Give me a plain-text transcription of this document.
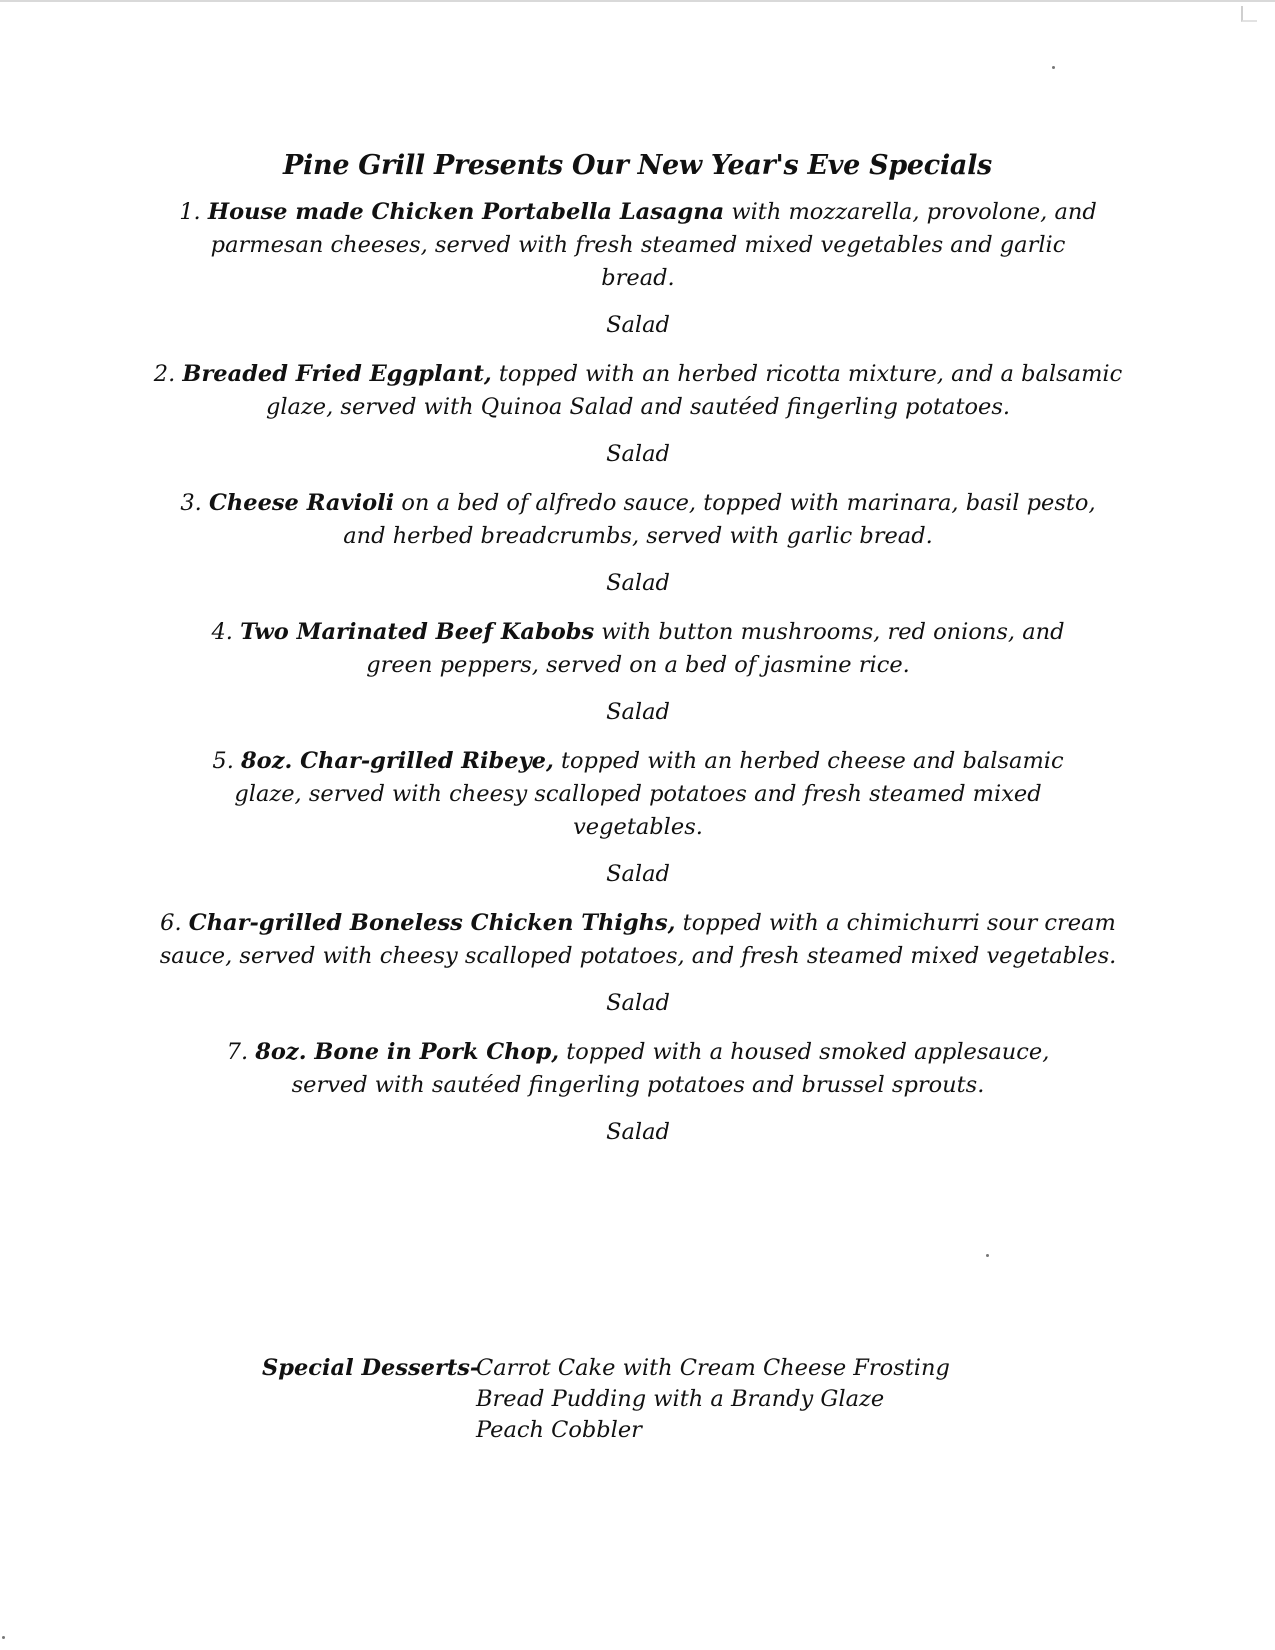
Pine Grill Presents Our New Year's Eve Specials
1. House made Chicken Portabella Lasagna with mozzarella, provolone, and parmesan cheeses, served with fresh steamed mixed vegetables and garlic bread.
Salad
2. Breaded Fried Eggplant, topped with an herbed ricotta mixture, and a balsamic glaze, served with Quinoa Salad and sautéed fingerling potatoes.
Salad
3. Cheese Ravioli on a bed of alfredo sauce, topped with marinara, basil pesto, and herbed breadcrumbs, served with garlic bread.
Salad
4. Two Marinated Beef Kabobs with button mushrooms, red onions, and green peppers, served on a bed of jasmine rice.
Salad
5. 8oz. Char-grilled Ribeye, topped with an herbed cheese and balsamic glaze, served with cheesy scalloped potatoes and fresh steamed mixed vegetables.
Salad
6. Char-grilled Boneless Chicken Thighs, topped with a chimichurri sour cream sauce, served with cheesy scalloped potatoes, and fresh steamed mixed vegetables.
Salad
7. 8oz. Bone in Pork Chop, topped with a housed smoked applesauce, served with sautéed fingerling potatoes and brussel sprouts.
Salad
Special Desserts-
Carrot Cake with Cream Cheese Frosting
Bread Pudding with a Brandy Glaze
Peach Cobbler
